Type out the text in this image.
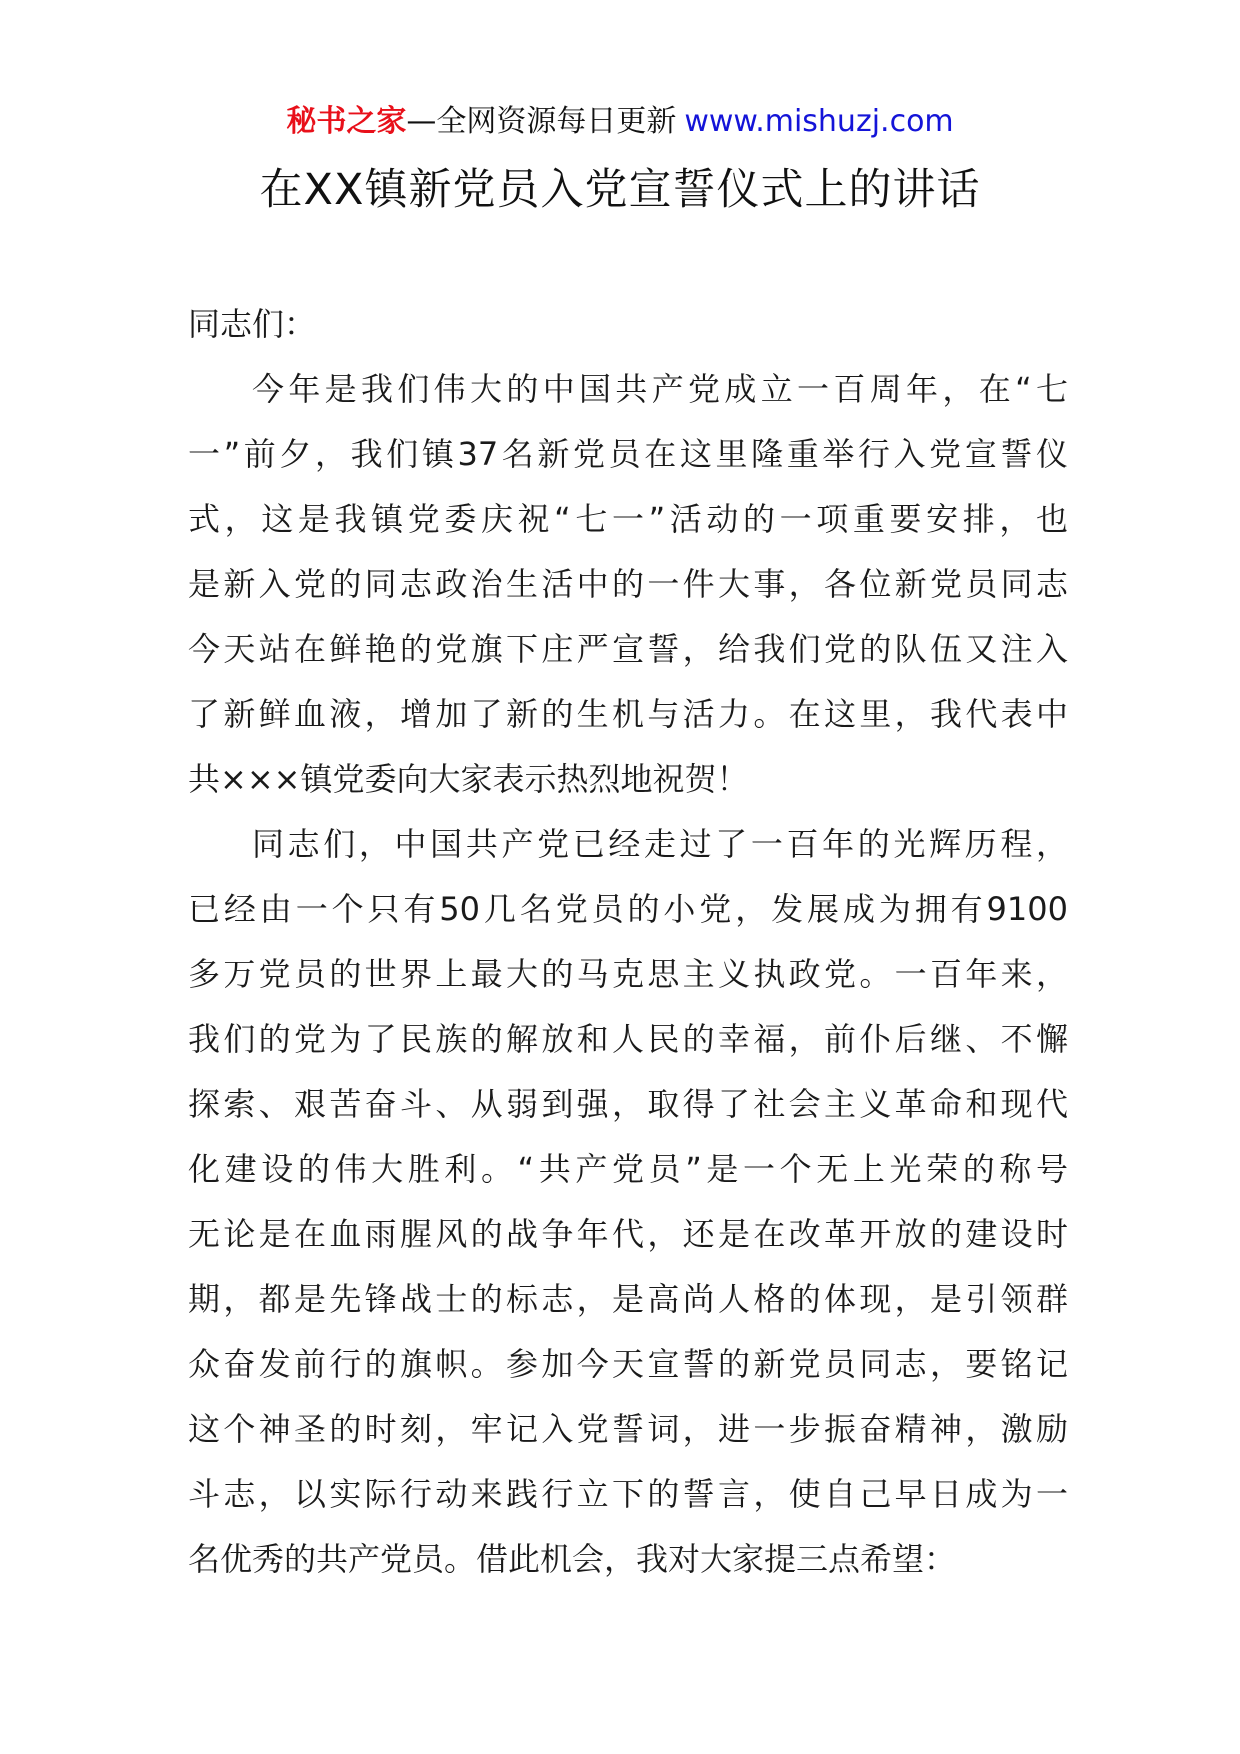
秘书之家—全网资源每日更新 www.mishuzj.com
在XX镇新党员入党宣誓仪式上的讲话
同志们：
今年是我们伟大的中国共产党成立一百周年，在“七
一”前夕，我们镇37名新党员在这里隆重举行入党宣誓仪
式，这是我镇党委庆祝“七一”活动的一项重要安排，也
是新入党的同志政治生活中的一件大事，各位新党员同志
今天站在鲜艳的党旗下庄严宣誓，给我们党的队伍又注入
了新鲜血液，增加了新的生机与活力。在这里，我代表中
共×××镇党委向大家表示热烈地祝贺！
同志们，中国共产党已经走过了一百年的光辉历程，
已经由一个只有50几名党员的小党，发展成为拥有9100
多万党员的世界上最大的马克思主义执政党。一百年来，
我们的党为了民族的解放和人民的幸福，前仆后继、不懈
探索、艰苦奋斗、从弱到强，取得了社会主义革命和现代
化建设的伟大胜利。“共产党员”是一个无上光荣的称号
无论是在血雨腥风的战争年代，还是在改革开放的建设时
期，都是先锋战士的标志，是高尚人格的体现，是引领群
众奋发前行的旗帜。参加今天宣誓的新党员同志，要铭记
这个神圣的时刻，牢记入党誓词，进一步振奋精神，激励
斗志，以实际行动来践行立下的誓言，使自己早日成为一
名优秀的共产党员。借此机会，我对大家提三点希望：
